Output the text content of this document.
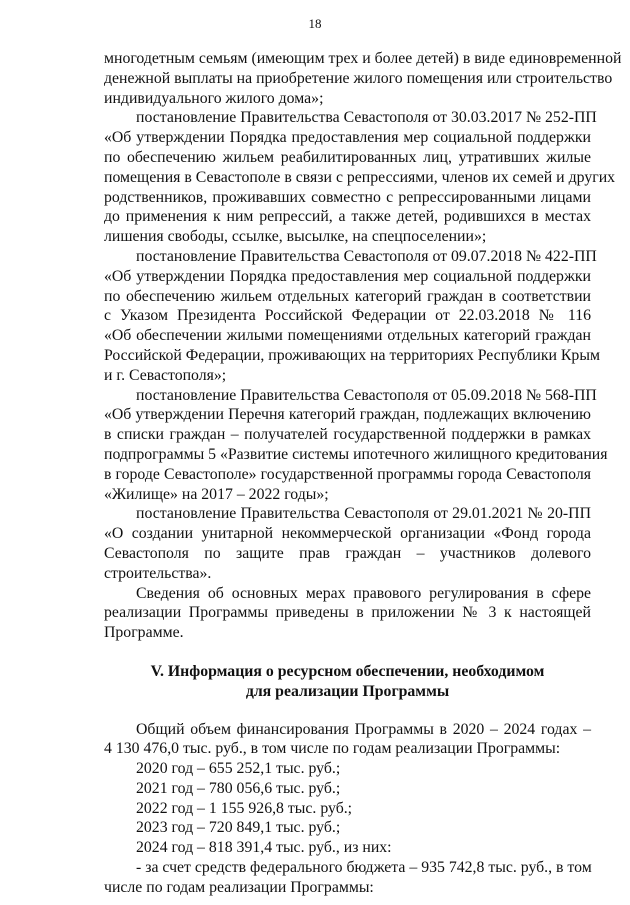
18
многодетным семьям (имеющим трех и более детей) в виде единовременной
денежной выплаты на приобретение жилого помещения или строительство
индивидуального жилого дома»;
постановление Правительства Севастополя от 30.03.2017 № 252-ПП
«Об утверждении Порядка предоставления мер социальной поддержки
по обеспечению жильем реабилитированных лиц, утративших жилые
помещения в Севастополе в связи с репрессиями, членов их семей и других
родственников, проживавших совместно с репрессированными лицами
до применения к ним репрессий, а также детей, родившихся в местах
лишения свободы, ссылке, высылке, на спецпоселении»;
постановление Правительства Севастополя от 09.07.2018 № 422-ПП
«Об утверждении Порядка предоставления мер социальной поддержки
по обеспечению жильем отдельных категорий граждан в соответствии
с Указом Президента Российской Федерации от 22.03.2018 № 116
«Об обеспечении жилыми помещениями отдельных категорий граждан
Российской Федерации, проживающих на территориях Республики Крым
и г. Севастополя»;
постановление Правительства Севастополя от 05.09.2018 № 568-ПП
«Об утверждении Перечня категорий граждан, подлежащих включению
в списки граждан – получателей государственной поддержки в рамках
подпрограммы 5 «Развитие системы ипотечного жилищного кредитования
в городе Севастополе» государственной программы города Севастополя
«Жилище» на 2017 – 2022 годы»;
постановление Правительства Севастополя от 29.01.2021 № 20-ПП
«О создании унитарной некоммерческой организации «Фонд города
Севастополя по защите прав граждан – участников долевого
строительства».
Сведения об основных мерах правового регулирования в сфере
реализации Программы приведены в приложении № 3 к настоящей
Программе.
V. Информация о ресурсном обеспечении, необходимом
для реализации Программы
Общий объем финансирования Программы в 2020 – 2024 годах –
4 130 476,0 тыс. руб., в том числе по годам реализации Программы:
2020 год – 655 252,1 тыс. руб.;
2021 год – 780 056,6 тыс. руб.;
2022 год – 1 155 926,8 тыс. руб.;
2023 год – 720 849,1 тыс. руб.;
2024 год – 818 391,4 тыс. руб., из них:
- за счет средств федерального бюджета – 935 742,8 тыс. руб., в том
числе по годам реализации Программы:
